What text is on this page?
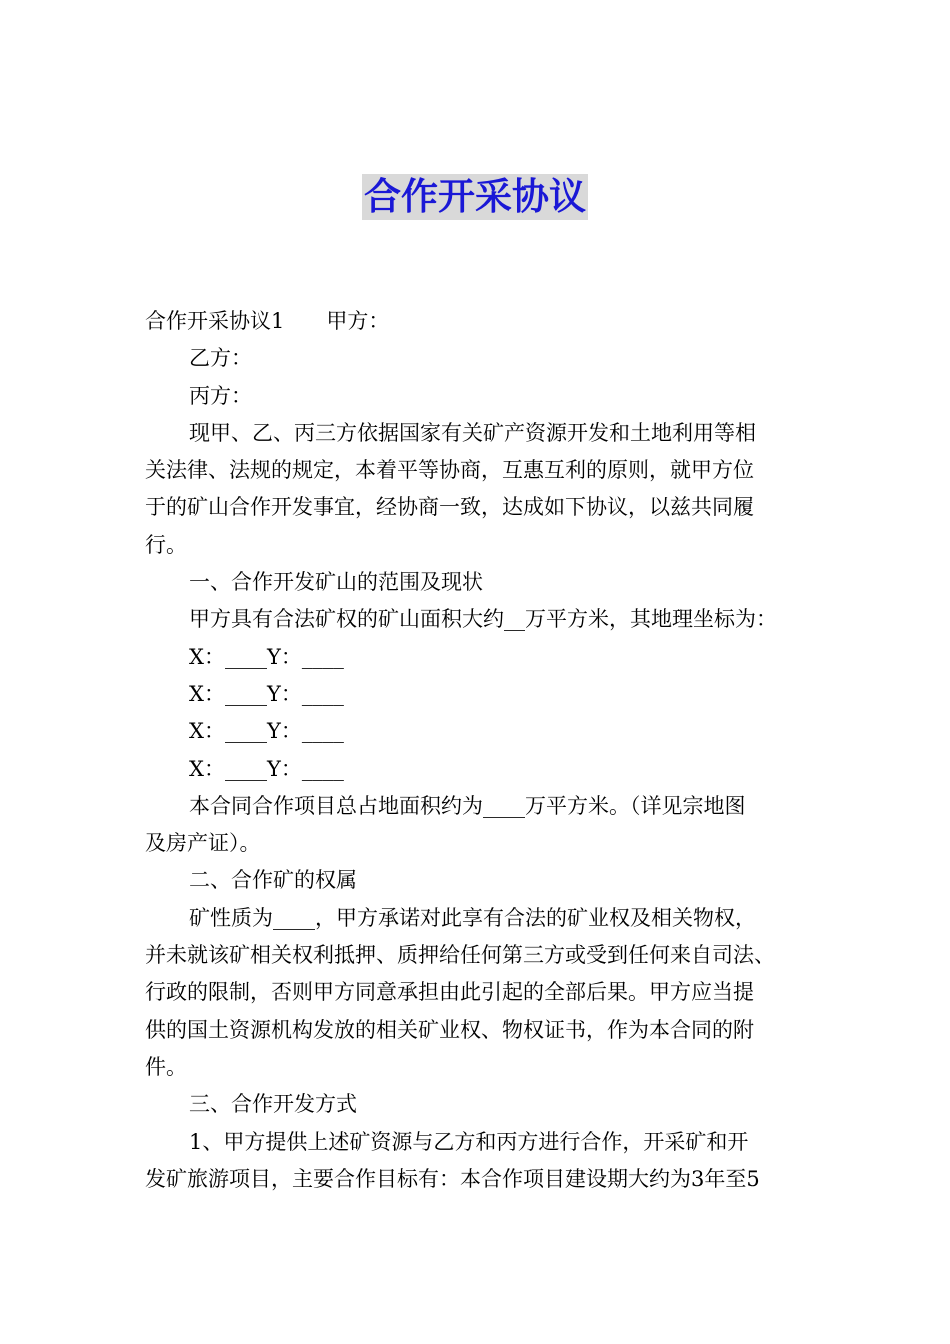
合作开采协议
合作开采协议1　　甲方：
乙方：
丙方：
现甲、乙、丙三方依据国家有关矿产资源开发和土地利用等相
关法律、法规的规定，本着平等协商，互惠互利的原则，就甲方位
于的矿山合作开发事宜，经协商一致，达成如下协议，以兹共同履
行。
一、合作开发矿山的范围及现状
甲方具有合法矿权的矿山面积大约__万平方米，其地理坐标为：
X：____Y：____
X：____Y：____
X：____Y：____
X：____Y：____
本合同合作项目总占地面积约为____万平方米。（详见宗地图
及房产证）。
二、合作矿的权属
矿性质为____，甲方承诺对此享有合法的矿业权及相关物权，
并未就该矿相关权利抵押、质押给任何第三方或受到任何来自司法、
行政的限制，否则甲方同意承担由此引起的全部后果。甲方应当提
供的国土资源机构发放的相关矿业权、物权证书，作为本合同的附
件。
三、合作开发方式
1、甲方提供上述矿资源与乙方和丙方进行合作，开采矿和开
发矿旅游项目，主要合作目标有：本合作项目建设期大约为3年至5
